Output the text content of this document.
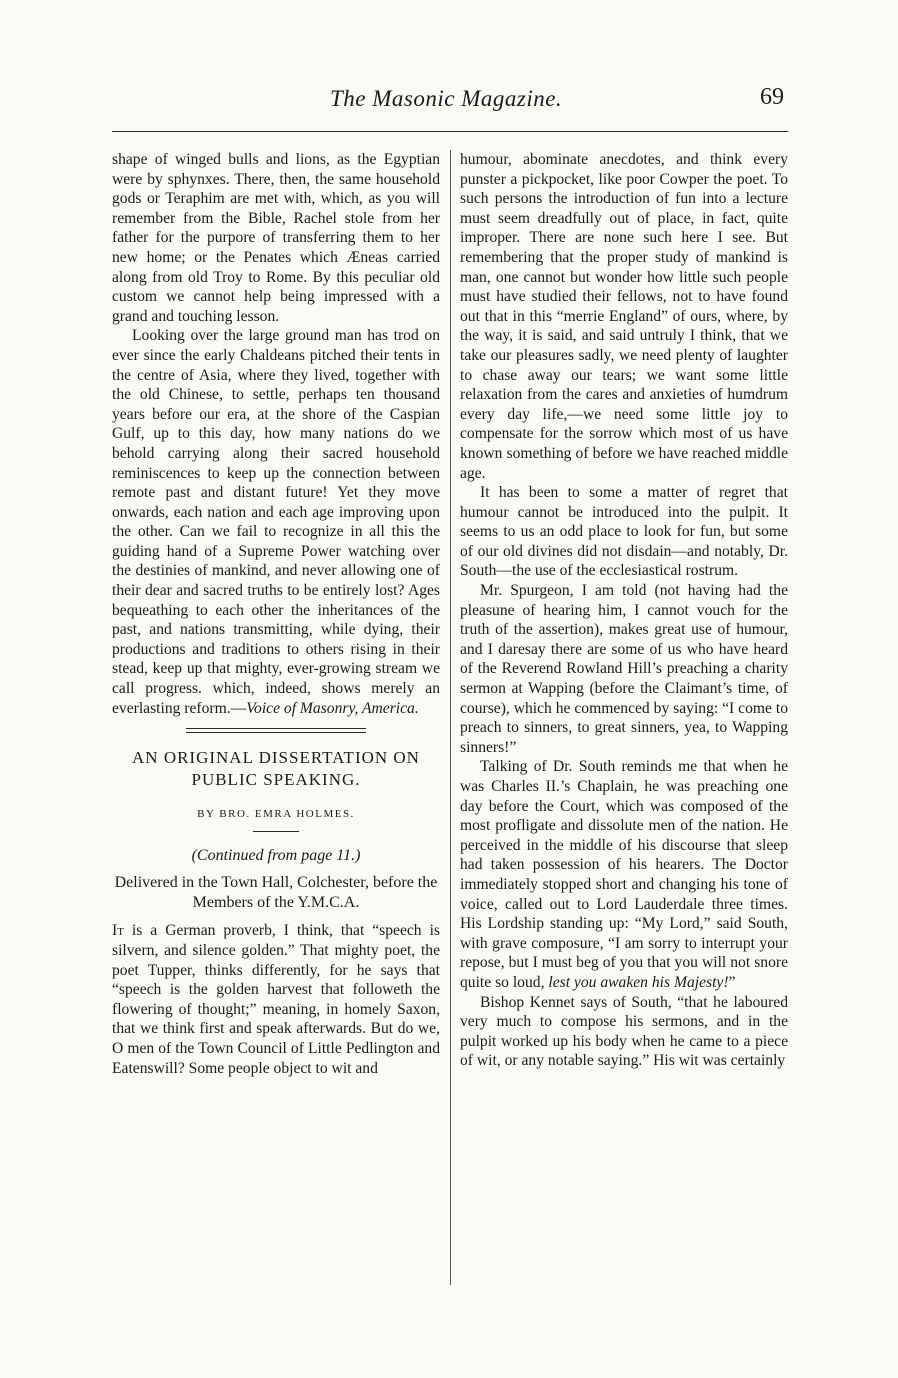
The Masonic Magazine.	69

shape of winged bulls and lions, as the Egyptian were by sphynxes. There, then, the same household gods or Teraphim are met with, which, as you will remember from the Bible, Rachel stole from her father for the purpore of transferring them to her new home; or the Penates which Æneas carried along from old Troy to Rome. By this peculiar old custom we cannot help being impressed with a grand and touching lesson.

Looking over the large ground man has trod on ever since the early Chaldeans pitched their tents in the centre of Asia, where they lived, together with the old Chinese, to settle, perhaps ten thousand years before our era, at the shore of the Caspian Gulf, up to this day, how many nations do we behold carrying along their sacred household reminiscences to keep up the connection between remote past and distant future! Yet they move onwards, each nation and each age improving upon the other. Can we fail to recognize in all this the guiding hand of a Supreme Power watching over the destinies of mankind, and never allowing one of their dear and sacred truths to be entirely lost? Ages bequeathing to each other the inheritances of the past, and nations transmitting, while dying, their productions and traditions to others rising in their stead, keep up that mighty, ever-growing stream we call progress. which, indeed, shows merely an everlasting reform.—Voice of Masonry, America.

AN ORIGINAL DISSERTATION ON PUBLIC SPEAKING.
BY BRO. EMRA HOLMES.
(Continued from page 11.)
Delivered in the Town Hall, Colchester, before the Members of the Y.M.C.A.

It is a German proverb, I think, that “speech is silvern, and silence golden.” That mighty poet, the poet Tupper, thinks differently, for he says that “speech is the golden harvest that followeth the flowering of thought;” meaning, in homely Saxon, that we think first and speak afterwards. But do we, O men of the Town Council of Little Pedlington and Eatenswill? Some people object to wit and

humour, abominate anecdotes, and think every punster a pickpocket, like poor Cowper the poet. To such persons the introduction of fun into a lecture must seem dreadfully out of place, in fact, quite improper. There are none such here I see. But remembering that the proper study of mankind is man, one cannot but wonder how little such people must have studied their fellows, not to have found out that in this “merrie England” of ours, where, by the way, it is said, and said untruly I think, that we take our pleasures sadly, we need plenty of laughter to chase away our tears; we want some little relaxation from the cares and anxieties of humdrum every day life,—we need some little joy to compensate for the sorrow which most of us have known something of before we have reached middle age.

It has been to some a matter of regret that humour cannot be introduced into the pulpit. It seems to us an odd place to look for fun, but some of our old divines did not disdain—and notably, Dr. South—the use of the ecclesiastical rostrum.

Mr. Spurgeon, I am told (not having had the pleasune of hearing him, I cannot vouch for the truth of the assertion), makes great use of humour, and I daresay there are some of us who have heard of the Reverend Rowland Hill’s preaching a charity sermon at Wapping (before the Claimant’s time, of course), which he commenced by saying: “I come to preach to sinners, to great sinners, yea, to Wapping sinners!”

Talking of Dr. South reminds me that when he was Charles II.’s Chaplain, he was preaching one day before the Court, which was composed of the most profligate and dissolute men of the nation. He perceived in the middle of his discourse that sleep had taken possession of his hearers. The Doctor immediately stopped short and changing his tone of voice, called out to Lord Lauderdale three times. His Lordship standing up: “My Lord,” said South, with grave composure, “I am sorry to interrupt your repose, but I must beg of you that you will not snore quite so loud, lest you awaken his Majesty!”

Bishop Kennet says of South, “that he laboured very much to compose his sermons, and in the pulpit worked up his body when he came to a piece of wit, or any notable saying.” His wit was certainly
